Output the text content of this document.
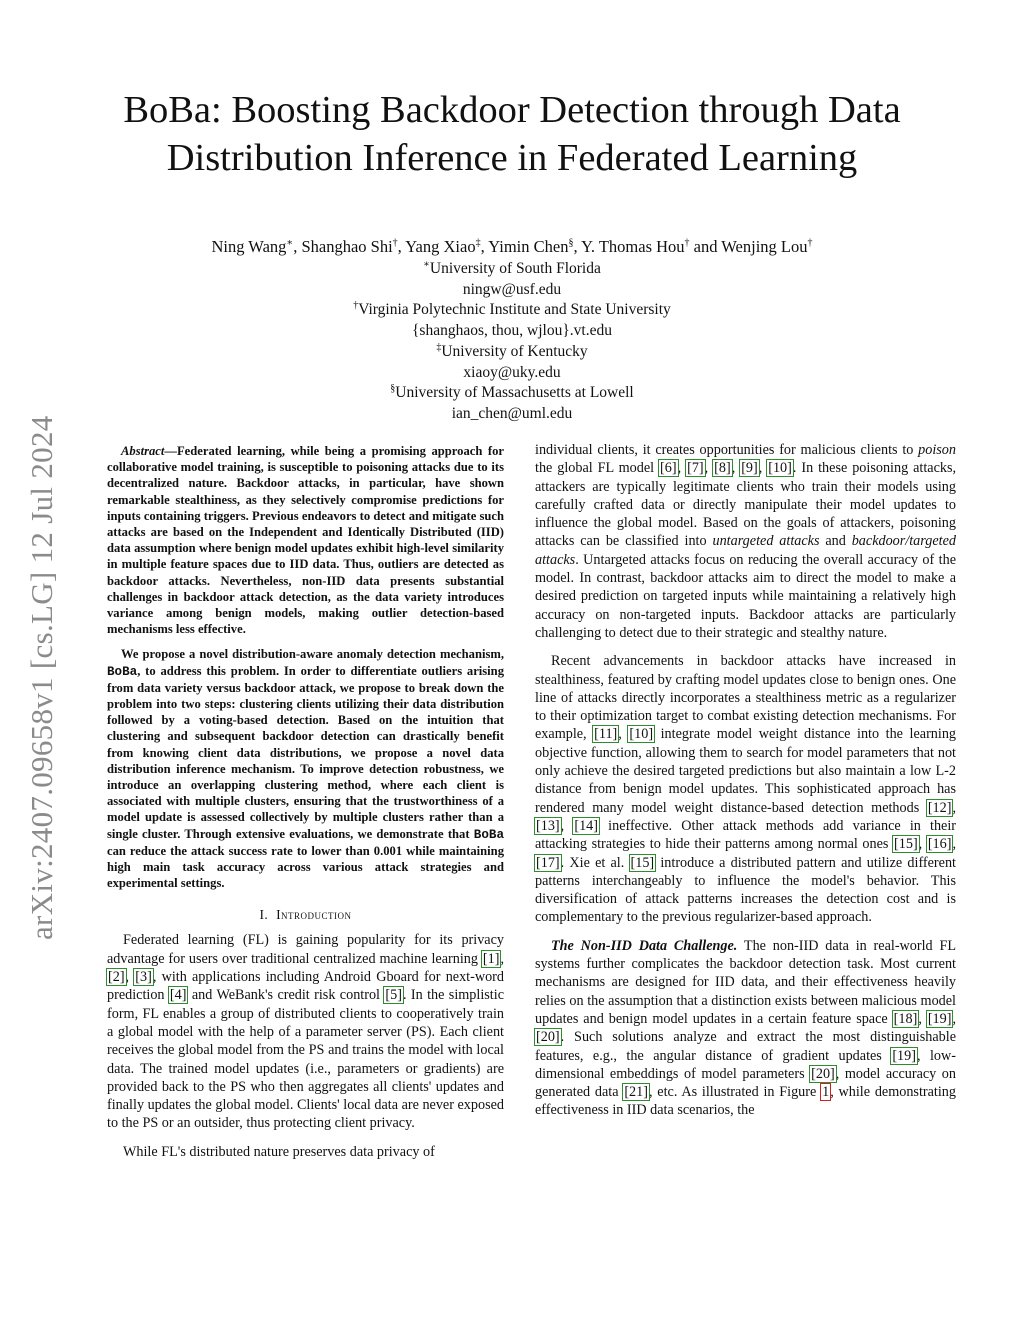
arXiv:2407.09658v1 [cs.LG] 12 Jul 2024
BoBa: Boosting Backdoor Detection through Data
Distribution Inference in Federated Learning
Ning Wang∗, Shanghao Shi†, Yang Xiao‡, Yimin Chen§, Y. Thomas Hou† and Wenjing Lou†
∗University of South Florida
ningw@usf.edu
†Virginia Polytechnic Institute and State University
{shanghaos, thou, wjlou}.vt.edu
‡University of Kentucky
xiaoy@uky.edu
§University of Massachusetts at Lowell
ian_chen@uml.edu

Abstract—Federated learning, while being a promising approach for collaborative model training, is susceptible to poisoning attacks due to its decentralized nature. Backdoor attacks, in particular, have shown remarkable stealthiness, as they selectively compromise predictions for inputs containing triggers. Previous endeavors to detect and mitigate such attacks are based on the Independent and Identically Distributed (IID) data assumption where benign model updates exhibit high-level similarity in multiple feature spaces due to IID data. Thus, outliers are detected as backdoor attacks. Nevertheless, non-IID data presents substantial challenges in backdoor attack detection, as the data variety introduces variance among benign models, making outlier detection-based mechanisms less effective.

We propose a novel distribution-aware anomaly detection mechanism, BoBa, to address this problem. In order to differentiate outliers arising from data variety versus backdoor attack, we propose to break down the problem into two steps: clustering clients utilizing their data distribution followed by a voting-based detection. Based on the intuition that clustering and subsequent backdoor detection can drastically benefit from knowing client data distributions, we propose a novel data distribution inference mechanism. To improve detection robustness, we introduce an overlapping clustering method, where each client is associated with multiple clusters, ensuring that the trustworthiness of a model update is assessed collectively by multiple clusters rather than a single cluster. Through extensive evaluations, we demonstrate that BoBa can reduce the attack success rate to lower than 0.001 while maintaining high main task accuracy across various attack strategies and experimental settings.

I. Introduction

Federated learning (FL) is gaining popularity for its privacy advantage for users over traditional centralized machine learning [1], [2], [3], with applications including Android Gboard for next-word prediction [4] and WeBank's credit risk control [5]. In the simplistic form, FL enables a group of distributed clients to cooperatively train a global model with the help of a parameter server (PS). Each client receives the global model from the PS and trains the model with local data. The trained model updates (i.e., parameters or gradients) are provided back to the PS who then aggregates all clients' updates and finally updates the global model. Clients' local data are never exposed to the PS or an outsider, thus protecting client privacy.

While FL's distributed nature preserves data privacy of

individual clients, it creates opportunities for malicious clients to poison the global FL model [6], [7], [8], [9], [10]. In these poisoning attacks, attackers are typically legitimate clients who train their models using carefully crafted data or directly manipulate their model updates to influence the global model. Based on the goals of attackers, poisoning attacks can be classified into untargeted attacks and backdoor/targeted attacks. Untargeted attacks focus on reducing the overall accuracy of the model. In contrast, backdoor attacks aim to direct the model to make a desired prediction on targeted inputs while maintaining a relatively high accuracy on non-targeted inputs. Backdoor attacks are particularly challenging to detect due to their strategic and stealthy nature.

Recent advancements in backdoor attacks have increased in stealthiness, featured by crafting model updates close to benign ones. One line of attacks directly incorporates a stealthiness metric as a regularizer to their optimization target to combat existing detection mechanisms. For example, [11], [10] integrate model weight distance into the learning objective function, allowing them to search for model parameters that not only achieve the desired targeted predictions but also maintain a low L-2 distance from benign model updates. This sophisticated approach has rendered many model weight distance-based detection methods [12], [13], [14] ineffective. Other attack methods add variance in their attacking strategies to hide their patterns among normal ones [15], [16], [17]. Xie et al. [15] introduce a distributed pattern and utilize different patterns interchangeably to influence the model's behavior. This diversification of attack patterns increases the detection cost and is complementary to the previous regularizer-based approach.

The Non-IID Data Challenge. The non-IID data in real-world FL systems further complicates the backdoor detection task. Most current mechanisms are designed for IID data, and their effectiveness heavily relies on the assumption that a distinction exists between malicious model updates and benign model updates in a certain feature space [18], [19], [20]. Such solutions analyze and extract the most distinguishable features, e.g., the angular distance of gradient updates [19], low-dimensional embeddings of model parameters [20], model accuracy on generated data [21], etc. As illustrated in Figure 1, while demonstrating effectiveness in IID data scenarios, the
